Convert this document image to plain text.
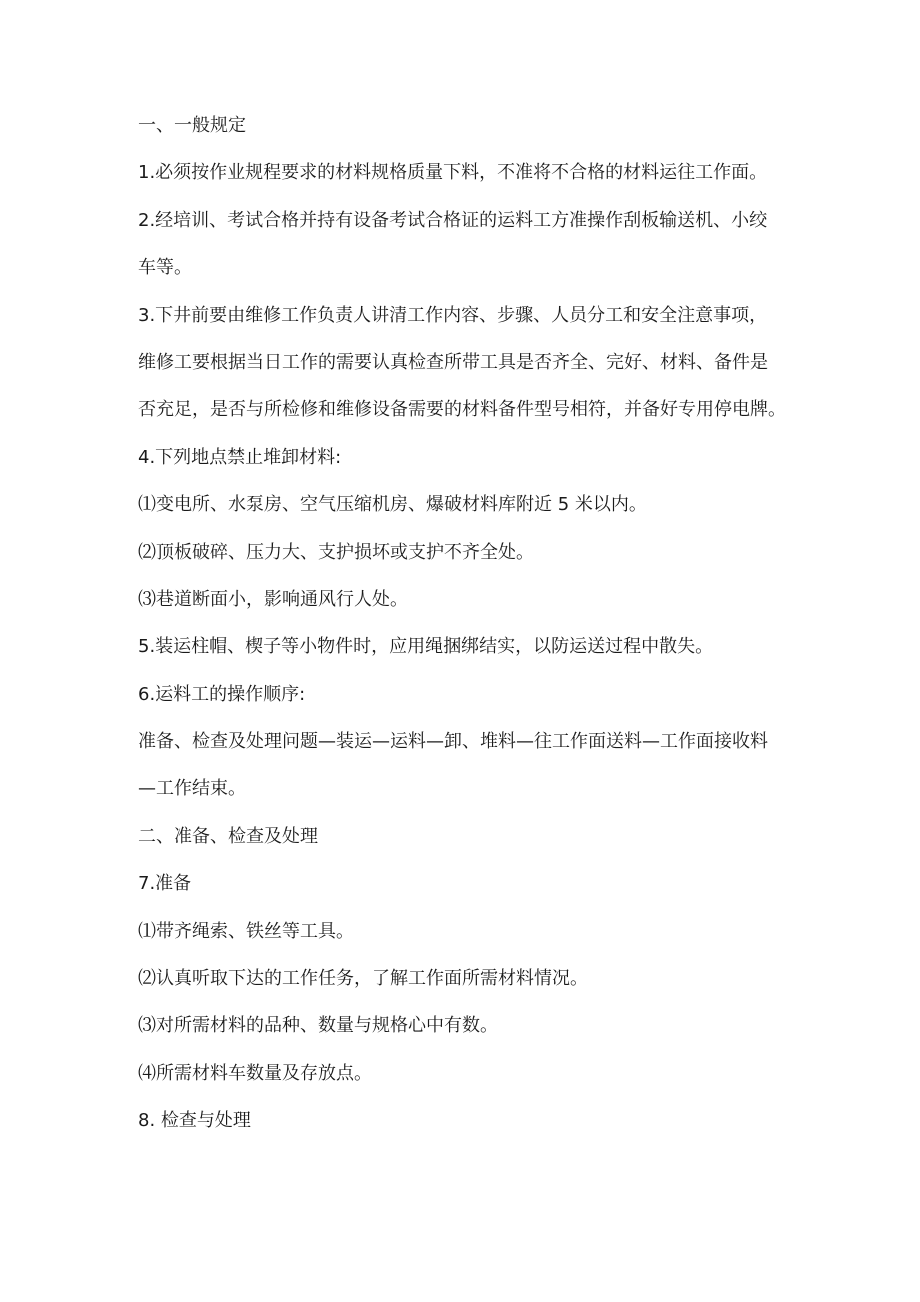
一、一般规定
1.必须按作业规程要求的材料规格质量下料，不准将不合格的材料运往工作面。
2.经培训、考试合格并持有设备考试合格证的运料工方准操作刮板输送机、小绞
车等。
3.下井前要由维修工作负责人讲清工作内容、步骤、人员分工和安全注意事项，
维修工要根据当日工作的需要认真检查所带工具是否齐全、完好、材料、备件是
否充足，是否与所检修和维修设备需要的材料备件型号相符，并备好专用停电牌。
4.下列地点禁止堆卸材料:
⑴变电所、水泵房、空气压缩机房、爆破材料库附近 5 米以内。
⑵顶板破碎、压力大、支护损坏或支护不齐全处。
⑶巷道断面小，影响通风行人处。
5.装运柱帽、楔子等小物件时，应用绳捆绑结实，以防运送过程中散失。
6.运料工的操作顺序:
准备、检查及处理问题—装运—运料—卸、堆料—往工作面送料—工作面接收料
—工作结束。
二、准备、检查及处理
7.准备
⑴带齐绳索、铁丝等工具。
⑵认真听取下达的工作任务，了解工作面所需材料情况。
⑶对所需材料的品种、数量与规格心中有数。
⑷所需材料车数量及存放点。
8. 检查与处理
